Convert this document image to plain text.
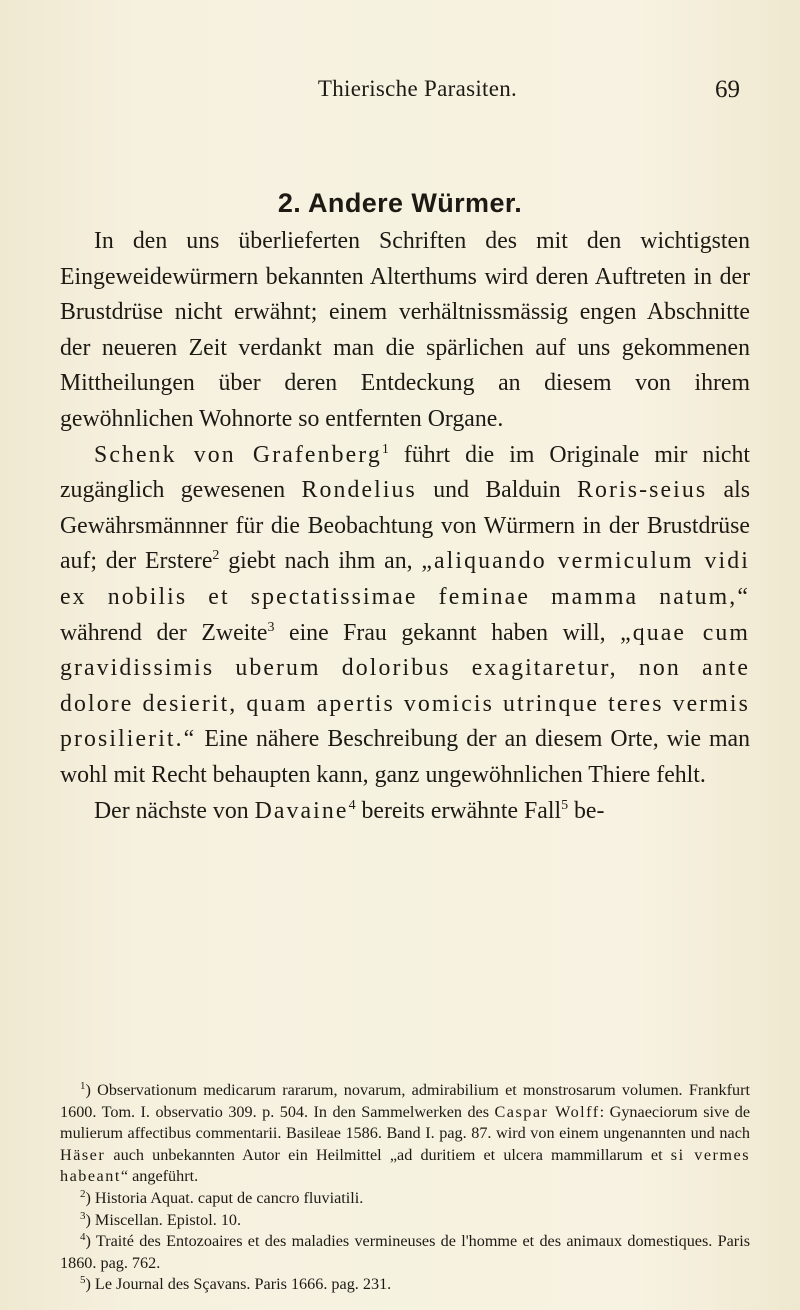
Thierische Parasiten.	69
2. Andere Würmer.

In den uns überlieferten Schriften des mit den wichtigsten Eingeweidewürmern bekannten Alterthums wird deren Auftreten in der Brustdrüse nicht erwähnt; einem verhältnissmässig engen Abschnitte der neueren Zeit verdankt man die spärlichen auf uns gekommenen Mittheilungen über deren Entdeckung an diesem von ihrem gewöhnlichen Wohnorte so entfernten Organe.

Schenk von Grafenberg$^1$ führt die im Originale mir nicht zugänglich gewesenen Rondelius und Balduin Roris-seius als Gewährsmännner für die Beobachtung von Würmern in der Brustdrüse auf; der Erstere$^2$ giebt nach ihm an, „aliquando vermiculum vidi ex nobilis et spectatissimae feminae mamma natum,“ während der Zweite$^3$ eine Frau gekannt haben will, „quae cum gravidissimis uberum doloribus exagitaretur, non ante dolore desierit, quam apertis vomicis utrinque teres vermis prosilierit.“ Eine nähere Beschreibung der an diesem Orte, wie man wohl mit Recht behaupten kann, ganz ungewöhnlichen Thiere fehlt.

Der nächste von Davaine$^4$ bereits erwähnte Fall$^5$ be-

$^1$) Observationum medicarum rararum, novarum, admirabilium et monstrosarum volumen. Frankfurt 1600. Tom. I. observatio 309. p. 504. In den Sammelwerken des Caspar Wolff: Gynaeciorum sive de mulierum affectibus commentarii. Basileae 1586. Band I. pag. 87. wird von einem ungenannten und nach Häser auch unbekannten Autor ein Heilmittel „ad duritiem et ulcera mammillarum et si vermes habeant“ angeführt.

$^2$) Historia Aquat. caput de cancro fluviatili.

$^3$) Miscellan. Epistol. 10.

$^4$) Traité des Entozoaires et des maladies vermineuses de l'homme et des animaux domestiques. Paris 1860. pag. 762.

$^5$) Le Journal des Sçavans. Paris 1666. pag. 231.
